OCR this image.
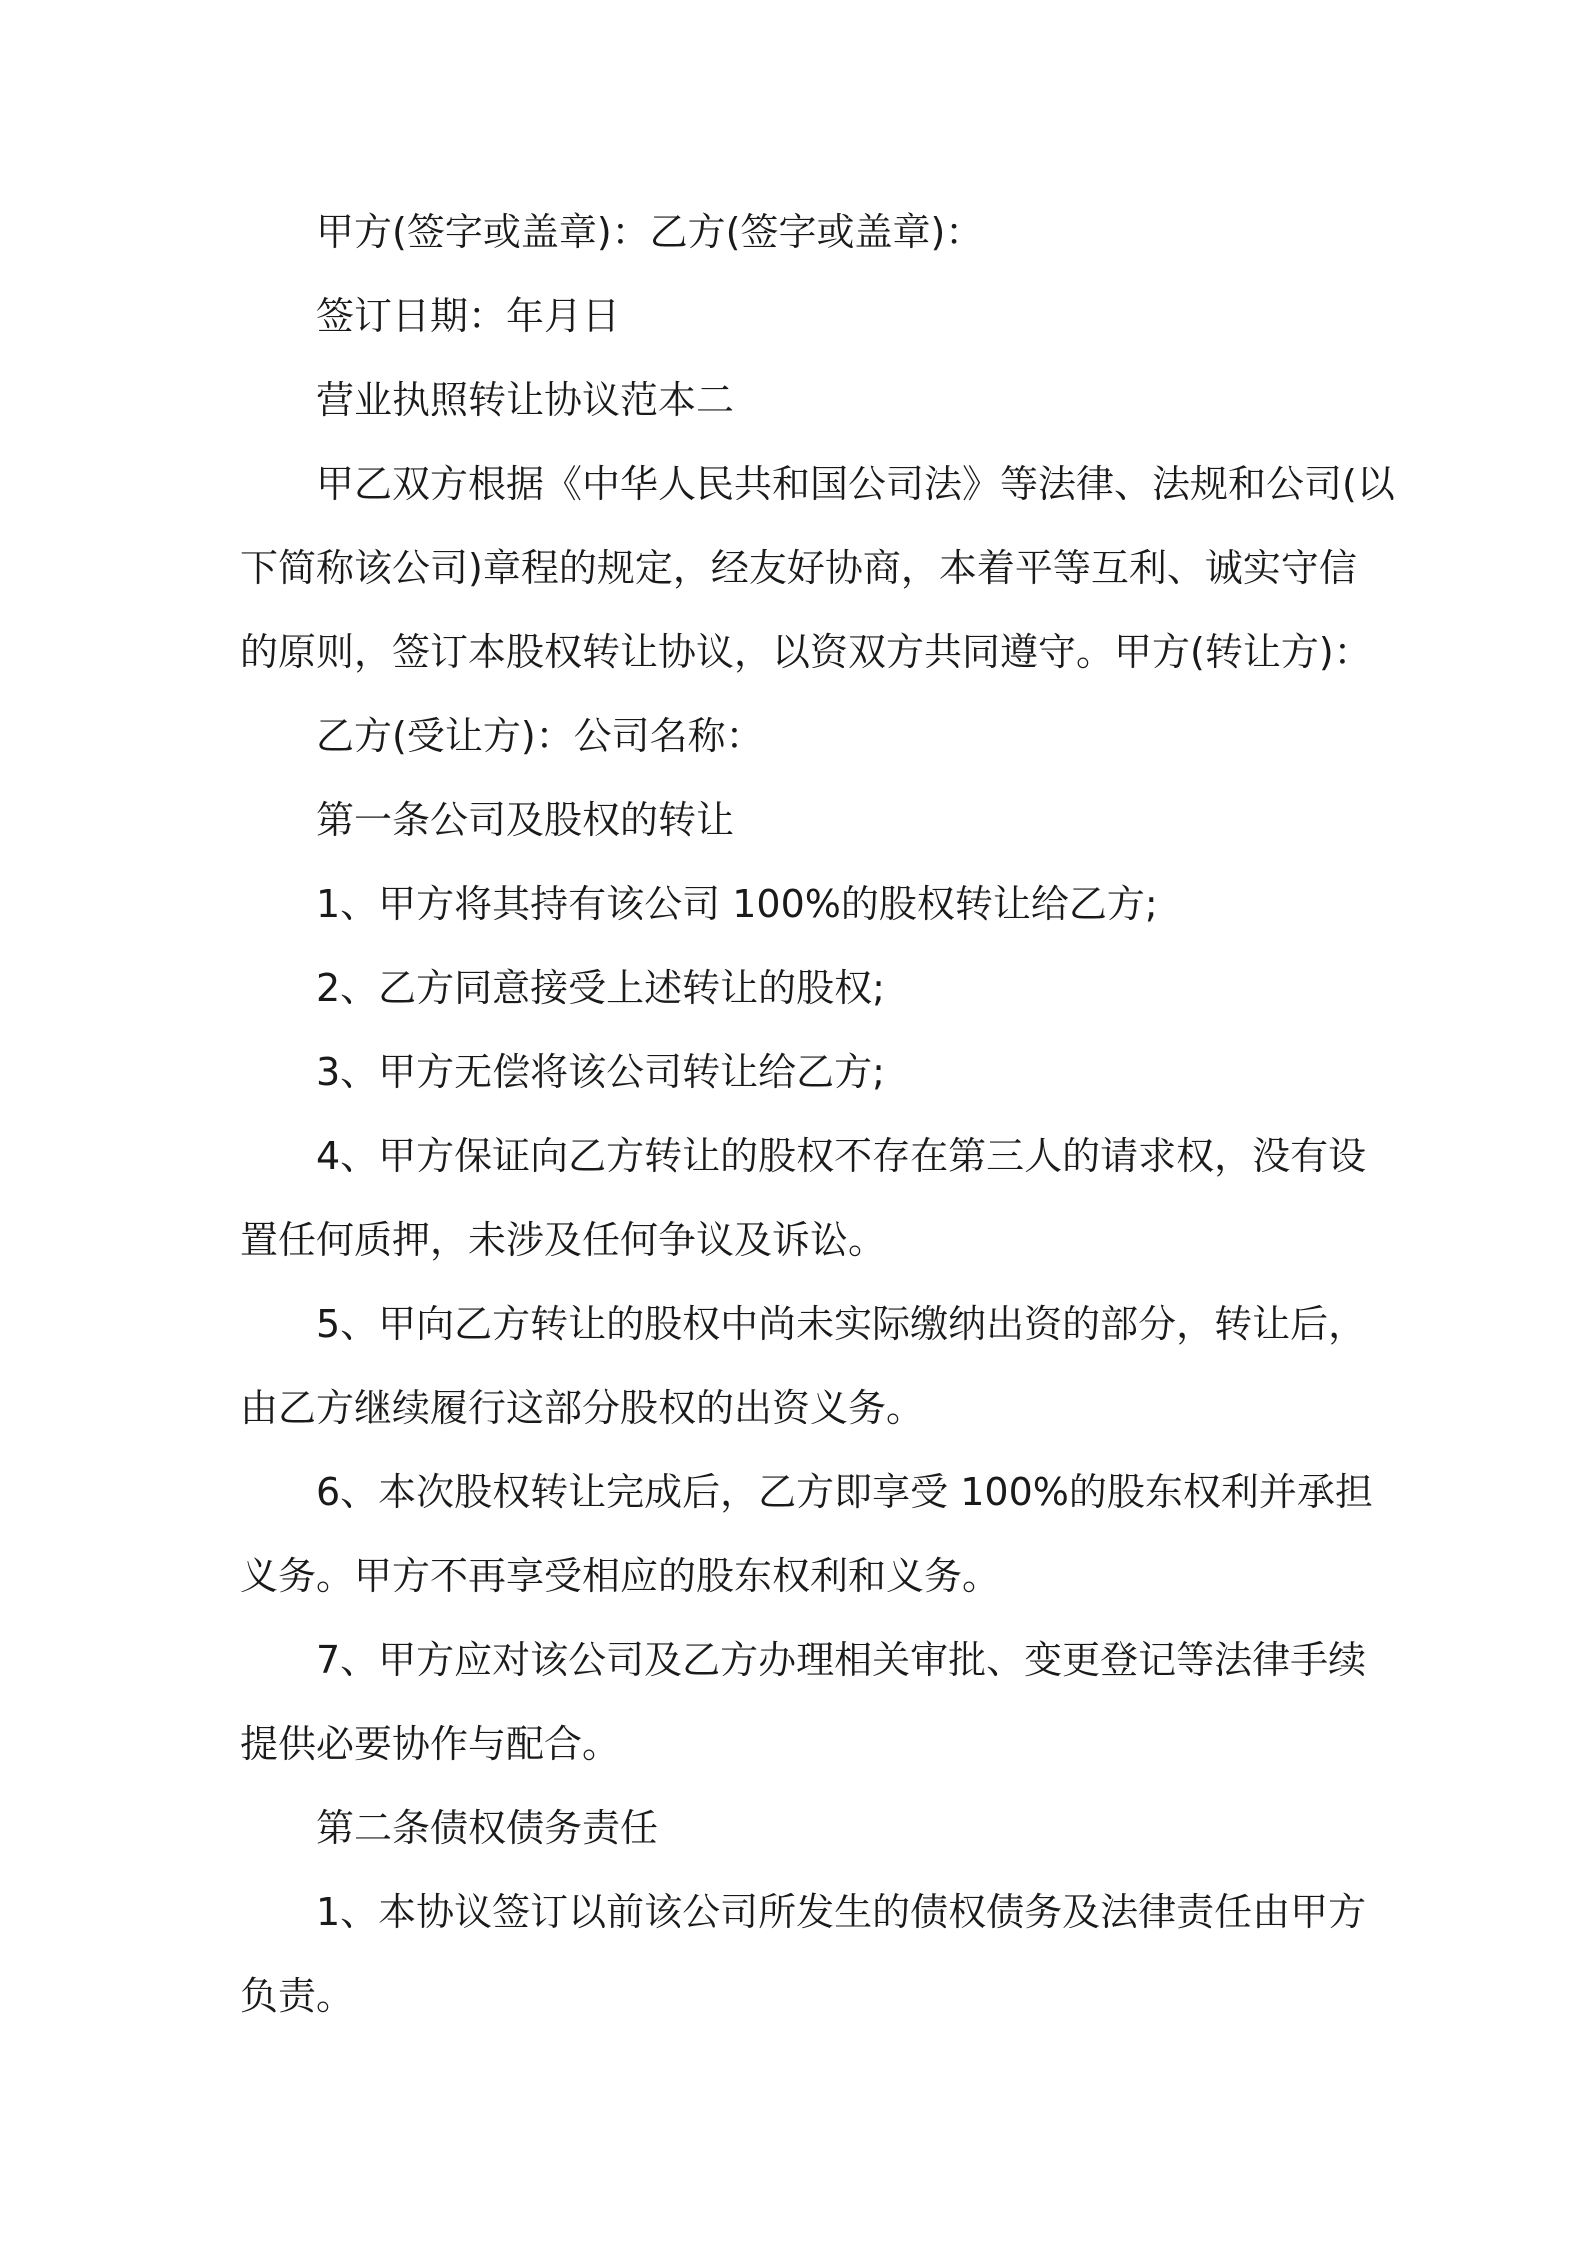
甲方(签字或盖章)：乙方(签字或盖章)：
签订日期：年月日
营业执照转让协议范本二
甲乙双方根据《中华人民共和国公司法》等法律、法规和公司(以
下简称该公司)章程的规定，经友好协商，本着平等互利、诚实守信
的原则，签订本股权转让协议，以资双方共同遵守。甲方(转让方)：
乙方(受让方)：公司名称：
第一条公司及股权的转让
1、甲方将其持有该公司 100%的股权转让给乙方;
2、乙方同意接受上述转让的股权;
3、甲方无偿将该公司转让给乙方;
4、甲方保证向乙方转让的股权不存在第三人的请求权，没有设
置任何质押，未涉及任何争议及诉讼。
5、甲向乙方转让的股权中尚未实际缴纳出资的部分，转让后，
由乙方继续履行这部分股权的出资义务。
6、本次股权转让完成后，乙方即享受 100%的股东权利并承担
义务。甲方不再享受相应的股东权利和义务。
7、甲方应对该公司及乙方办理相关审批、变更登记等法律手续
提供必要协作与配合。
第二条债权债务责任
1、本协议签订以前该公司所发生的债权债务及法律责任由甲方
负责。
